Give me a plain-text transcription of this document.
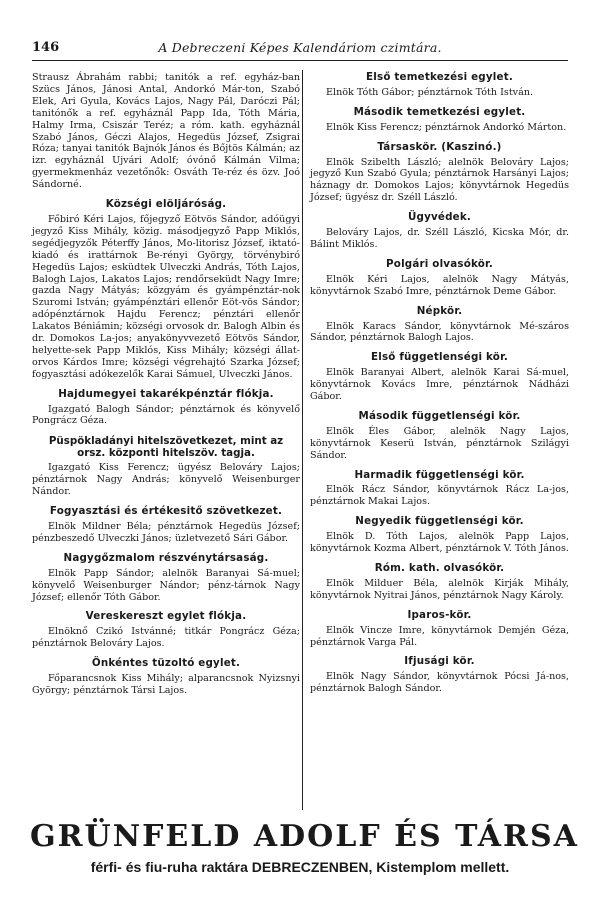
146	A Debreczeni Képes Kalendáriom czimtára.

Strausz Ábrahám rabbi; tanitók a ref. egyház-ban Szücs János, Jánosi Antal, Andorkó Már-ton, Szabó Elek, Ari Gyula, Kovács Lajos, Nagy Pál, Daróczi Pál; tanitónők a ref. egyháznál Papp Ida, Tóth Mária, Halmy Irma, Csiszár Teréz; a róm. kath. egyháznál Szabó János, Géczi Alajos, Hegedüs József, Zsigrai Róza; tanyai tanitók Bajnók János és Bőjtös Kálmán; az izr. egyháznál Ujvári Adolf; óvónő Kálmán Vilma; gyermekmenház vezetőnők: Osváth Te-réz és özv. Joó Sándorné.

Községi elöljáróság.

Főbiró Kéri Lajos, főjegyző Eötvös Sándor, adóügyi jegyző Kiss Mihály, közig. másodjegyző Papp Miklós, segédjegyzők Péterffy János, Mo-litorisz József, iktató-kiadó és irattárnok Be-rényi György, törvénybiró Hegedüs Lajos; esküdtek Ulveczki András, Tóth Lajos, Balogh Lajos, Lakatos Lajos; rendőrseküdt Nagy Imre; gazda Nagy Mátyás; közgyám és gyámpénztár-nok Szuromi István; gyámpénztári ellenőr Eöt-vös Sándor; adópénztárnok Hajdu Ferencz; pénztári ellenőr Lakatos Béniámin; községi orvosok dr. Balogh Albin és dr. Domokos La-jos; anyakönyvvezető Eötvös Sándor, helyette-sek Papp Miklós, Kiss Mihály; községi állat-orvos Kárdos Imre; községi végrehajtó Szarka József; fogyasztási adókezelők Karai Sámuel, Ulveczki János.

Hajdumegyei takarékpénztár flókja.

Igazgató Balogh Sándor; pénztárnok és könyvelő Pongrácz Géza.

Püspökladányi hitelszövetkezet, mint az
orsz. központi hitelszöv. tagja.

Igazgató Kiss Ferencz; ügyész Belováry Lajos; pénztárnok Nagy András; könyvelő Weisenburger Nándor.

Fogyasztási és értékesitő szövetkezet.

Elnök Mildner Béla; pénztárnok Hegedüs József; pénzbeszedő Ulveczki János; üzletvezető Sári Gábor.

Nagygőzmalom részvénytársaság.

Elnök Papp Sándor; alelnök Baranyai Sá-muel; könyvelő Weisenburger Nándor; pénz-tárnok Nagy József; ellenőr Tóth Gábor.

Vereskereszt egylet flókja.

Elnöknő Czikó Istvánné; titkár Pongrácz Géza; pénztárnok Belováry Lajos.

Önkéntes tüzoltó egylet.

Főparancsnok Kiss Mihály; alparancsnok Nyizsnyi György; pénztárnok Társi Lajos.

Első temetkezési egylet.

Elnök Tóth Gábor; pénztárnok Tóth István.

Második temetkezési egylet.

Elnök Kiss Ferencz; pénztárnok Andorkó Márton.

Társaskör. (Kaszinó.)

Elnök Szibelth László; alelnök Belováry Lajos; jegyző Kun Szabó Gyula; pénztárnok Harsányi Lajos; háznagy dr. Domokos Lajos; könyvtárnok Hegedüs József; ügyész dr. Széll László.

Ügyvédek.

Belováry Lajos, dr. Széll László, Kicska Mór, dr. Bálint Miklós.

Polgári olvasókör.

Elnök Kéri Lajos, alelnök Nagy Mátyás, könyvtárnok Szabó Imre, pénztárnok Deme Gábor.

Népkör.

Elnök Karacs Sándor, könyvtárnok Mé-száros Sándor, pénztárnok Balogh Lajos.

Első függetlenségi kör.

Elnök Baranyai Albert, alelnök Karai Sá-muel, könyvtárnok Kovács Imre, pénztárnok Nádházi Gábor.

Második függetlenségi kör.

Elnök Éles Gábor, alelnök Nagy Lajos, könyvtárnok Keserü István, pénztárnok Szilágyi Sándor.

Harmadik függetlenségi kör.

Elnök Rácz Sándor, könyvtárnok Rácz La-jos, pénztárnok Makai Lajos.

Negyedik függetlenségi kör.

Elnök D. Tóth Lajos, alelnök Papp Lajos, könyvtárnok Kozma Albert, pénztárnok V. Tóth János.

Róm. kath. olvasókör.

Elnök Milduer Béla, alelnök Kirják Mihály, könyvtárnok Nyitrai János, pénztárnok Nagy Károly.

Iparos-kör.

Elnök Vincze Imre, könyvtárnok Demjén Géza, pénztárnok Varga Pál.

Ifjusági kör.

Elnök Nagy Sándor, könyvtárnok Pócsi Já-nos, pénztárnok Balogh Sándor.

GRÜNFELD ADOLF ÉS TÁRSA
férfi- és fiu-ruha raktára DEBRECZENBEN, Kistemplom mellett.
